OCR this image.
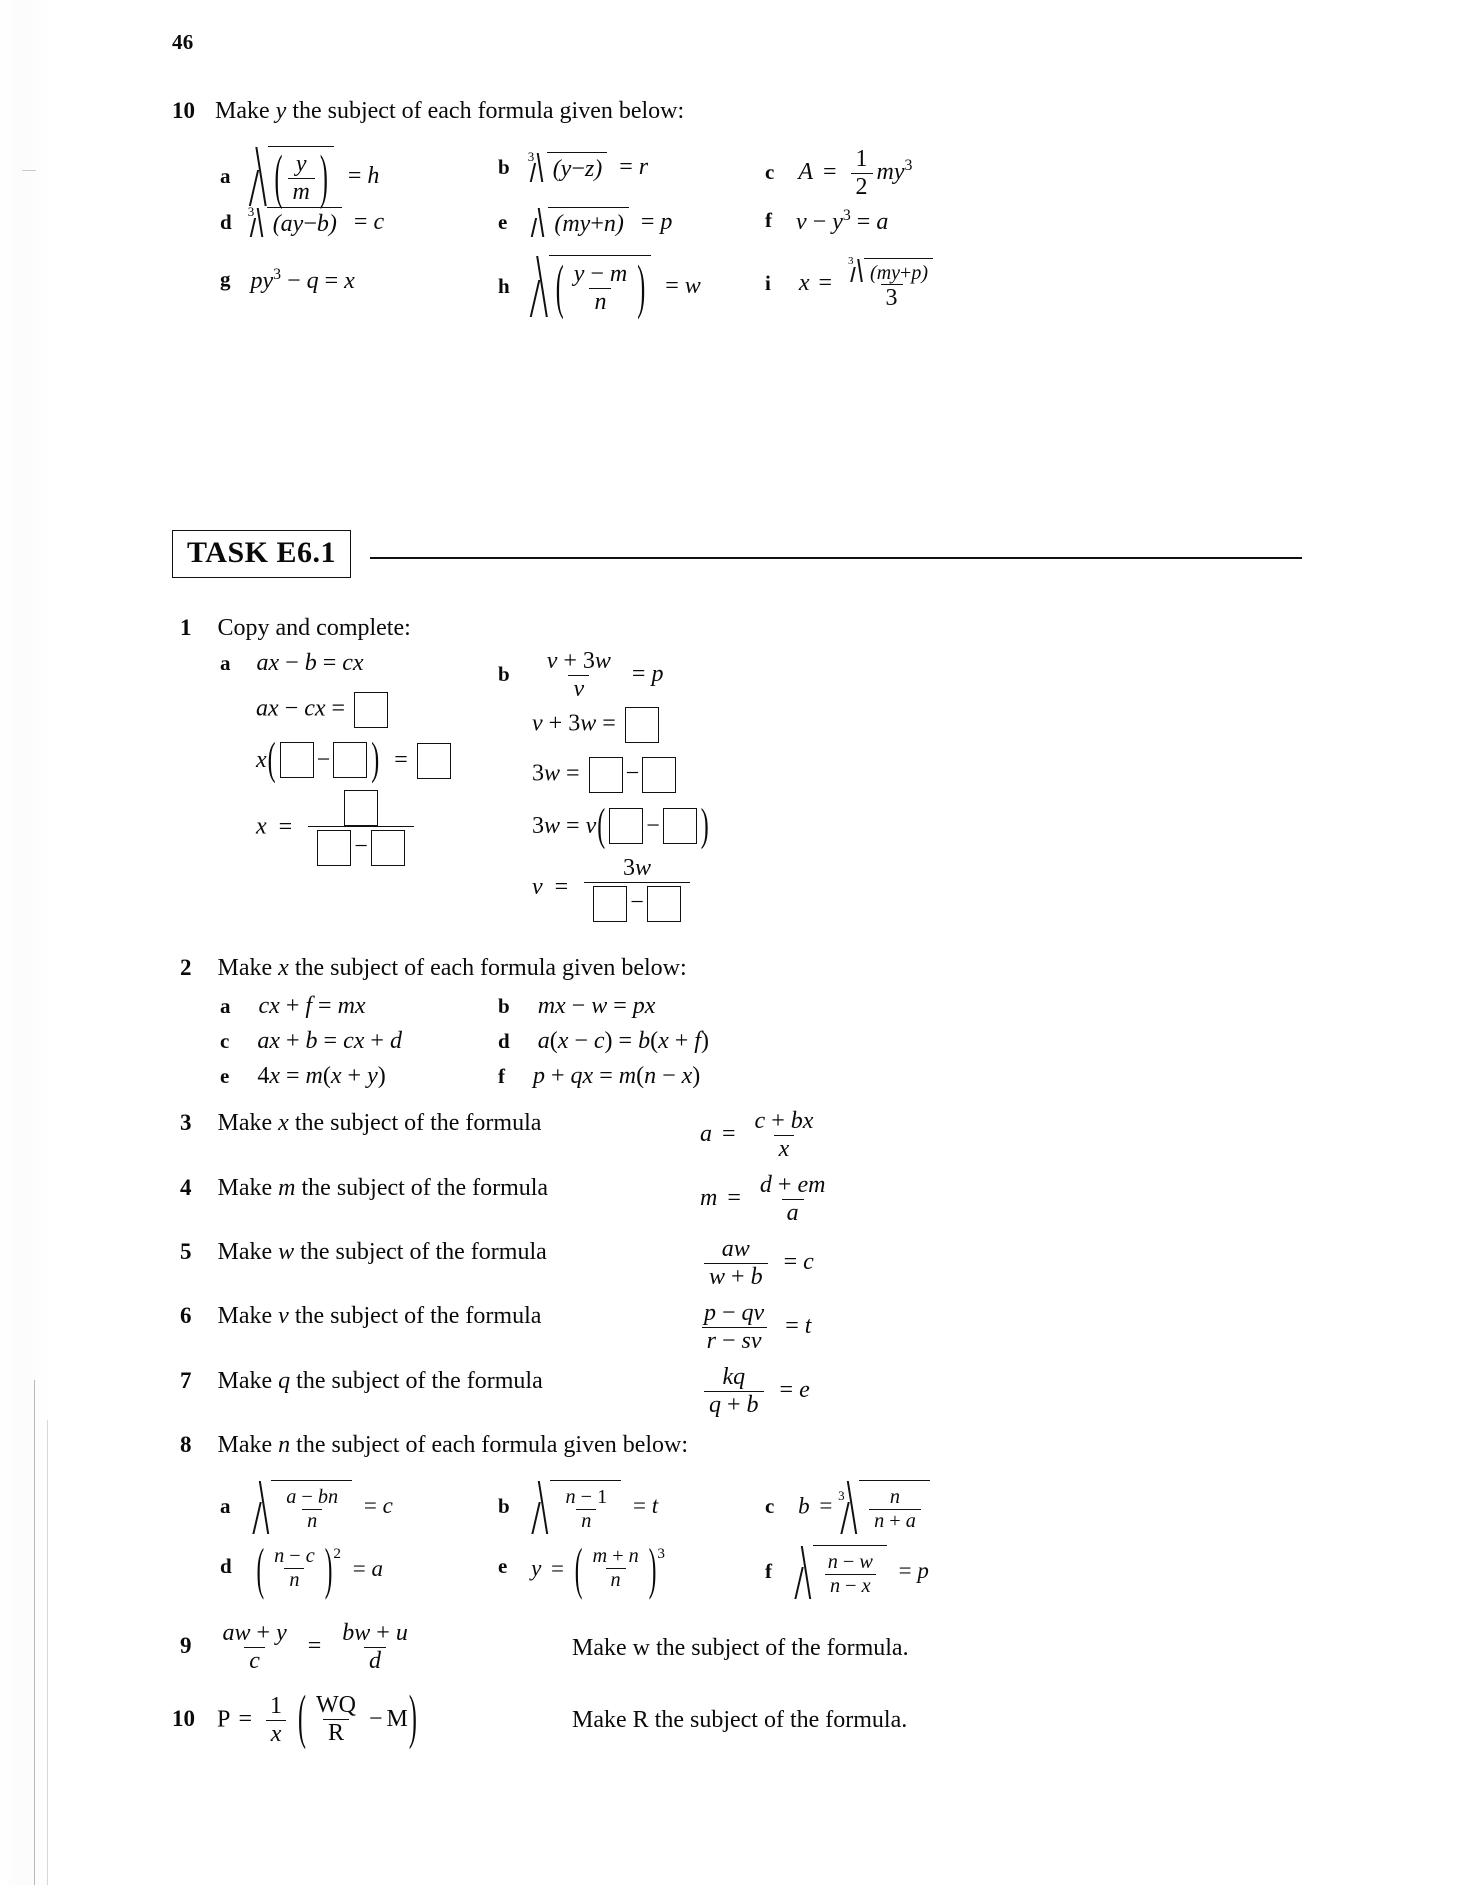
46
10 Make y the subject of each formula given below:
a ( $\frac{y}{m}$ ) = h	b 3 (y − z) = r	c $A = \frac{1}{2} my^3$
d 3 (ay − b) = c	e (my + n) = p	f $v - y^3 = a$
g $py^3 - q = x$	h ( $\frac{y - m}{n}$ ) = w	i x = 3
(my + p)
3
TASK E6.1
1 Copy and complete:
a ax − b = cx
ax − cx =
x ( − ) =
x =
−
b $\frac{v + 3w}{v} = p$
v + 3w =
3w = −
3w = v ( − )
$v = \frac{3w}{-}$
2 Make x the subject of each formula given below:
a cx + f = mx	b mx − w = px
c ax + b = cx + d	d a(x − c) = b(x + f)
e 4x = m(x + y)	f p + qx = m(n − x)
3 Make x the subject of the formula	$a = \frac{c + bx}{x}$
4 Make m the subject of the formula	$m = \frac{d + em}{a}$
5 Make w the subject of the formula	$\frac{aw}{w + b} = c$
6 Make v the subject of the formula	$\frac{p - qv}{r - sv} = t$
7 Make q the subject of the formula	$\frac{kq}{q + b} = e$
8 Make n the subject of each formula given below:
a	$\frac{a - bn}{n} = c$	b	$\frac{n - 1}{n} = t$	c $b = 3 \frac{n}{n + a}$
d ( $\frac{n - c}{n}$ ) $^2$ = a	e y = ( $\frac{m + n}{n}$ ) $^3$
f	$\frac{n - w}{n - x} = p$
$9 \frac{aw + y}{c} = \frac{bw + u}{d}$	Make w the subject of the formula.
10 $P = \frac{1}{x}$
( $\frac{WQ}{R} - M$ )	Make R the subject of the formula.
